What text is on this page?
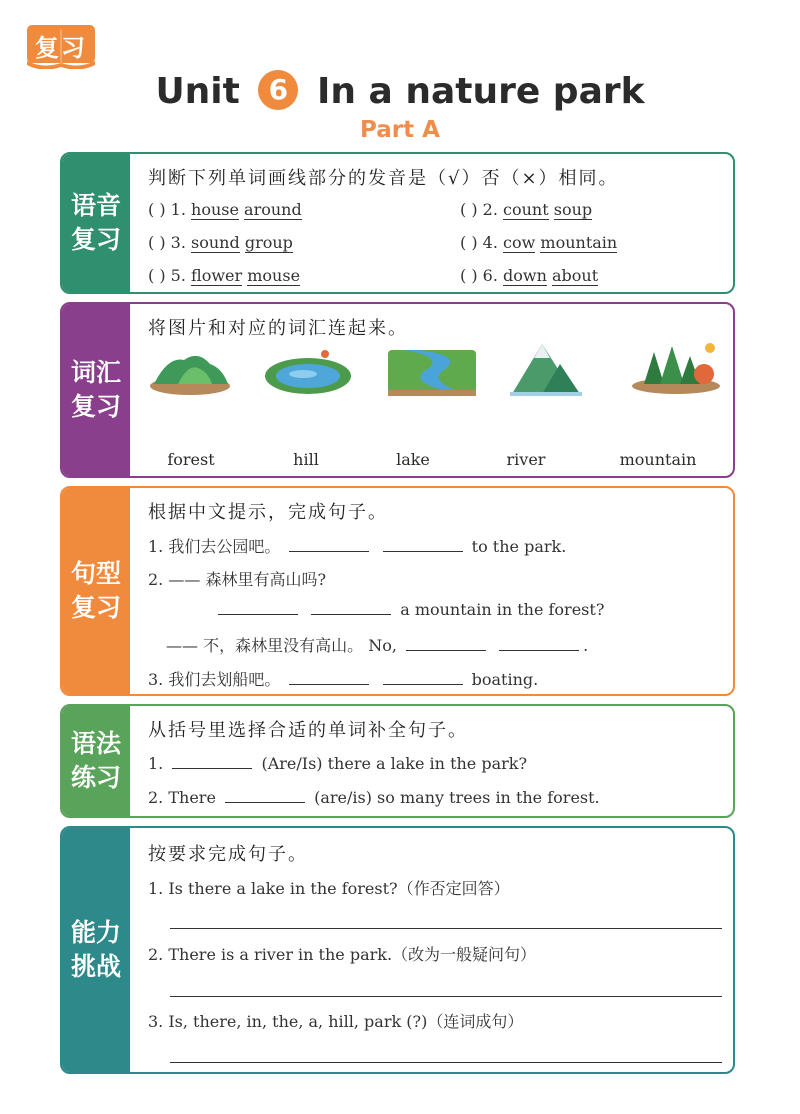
复习
Unit 6 In a nature park
Part A
语音 复习
判断下列单词画线部分的发音是（√）否（×）相同。
( ) 1. house around	( ) 2. count soup
( ) 3. sound group	( ) 4. cow mountain
( ) 5. flower mouse	( ) 6. down about
词汇 复习
将图片和对应的词汇连起来。
forest	hill	lake	river	mountain
句型 复习
根据中文提示，完成句子。
1. 我们去公园吧。	to the park.
2. —— 森林里有高山吗?
a mountain in the forest?
—— 不，森林里没有高山。 No,	.
3. 我们去划船吧。	boating.
语法 练习
从括号里选择合适的单词补全句子。
1.	(Are/Is) there a lake in the park?
2. There	(are/is) so many trees in the forest.
能力 挑战
按要求完成句子。
1. Is there a lake in the forest?（作否定回答）
2. There is a river in the park.（改为一般疑问句）
3. Is, there, in, the, a, hill, park (?)（连词成句）
